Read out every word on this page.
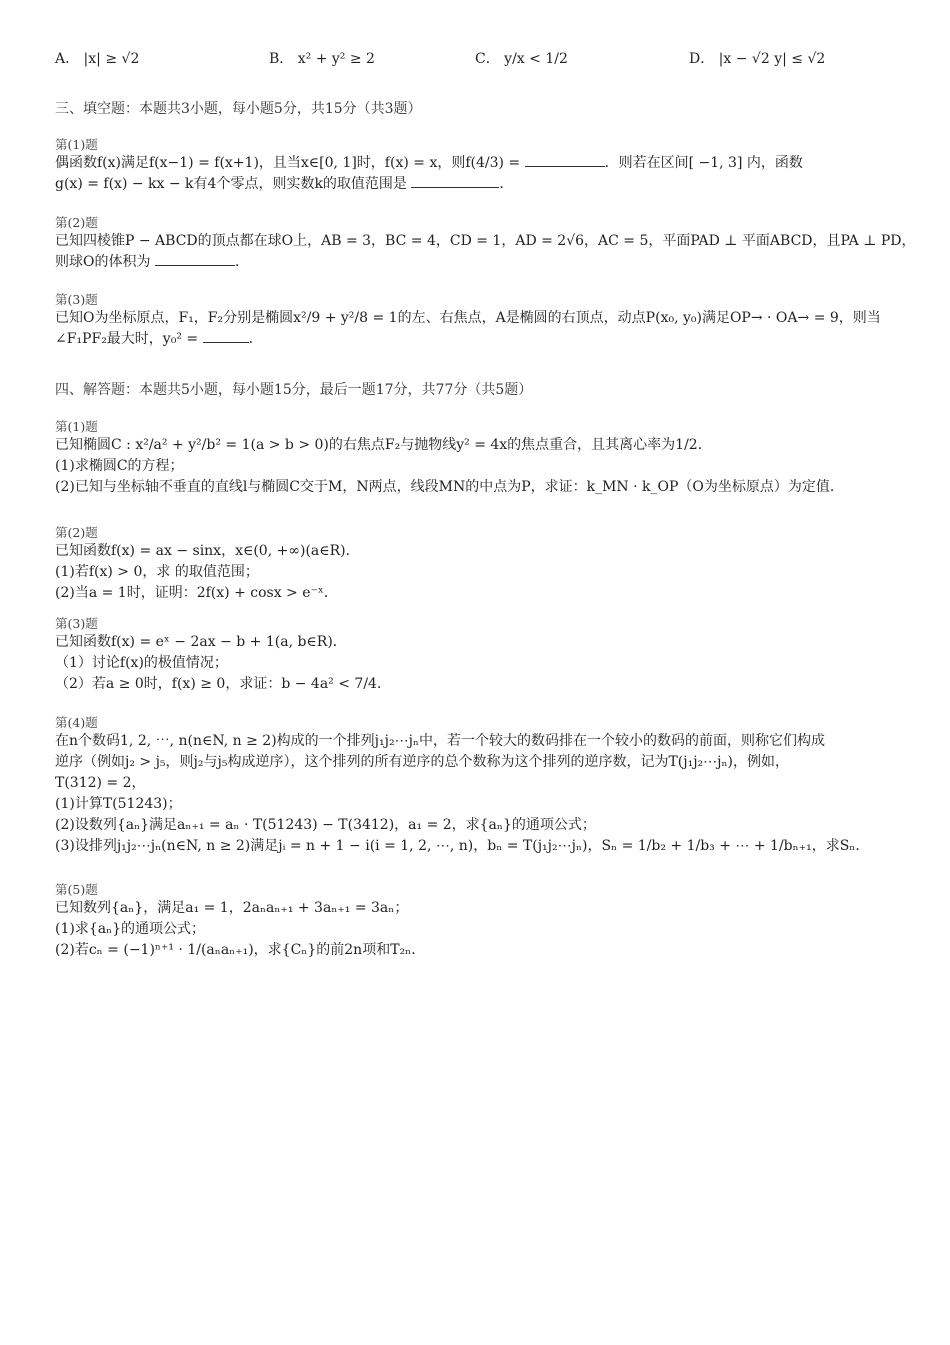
A． |x| ≥ √2	B． x² + y² ≥ 2	C． y/x < 1/2	D． |x − √2 y| ≤ √2
三、填空题：本题共3小题，每小题5分，共15分（共3题）
第(1)题
偶函数f(x)满足f(x−1) = f(x+1)，且当x∈[0, 1]时，f(x) = x，则f(4/3) =	．则若在区间[ −1, 3] 内，函数
g(x) = f(x) − kx − k有4个零点，则实数k的取值范围是	．
第(2)题
已知四棱锥P − ABCD的顶点都在球O上，AB = 3，BC = 4，CD = 1，AD = 2√6，AC = 5，平面PAD ⊥ 平面ABCD，且PA ⊥ PD，
则球O的体积为	．
第(3)题
已知O为坐标原点，F₁，F₂分别是椭圆x²/9 + y²/8 = 1的左、右焦点，A是椭圆的右顶点，动点P(x₀, y₀)满足OP→ · OA→ = 9，则当
∠F₁PF₂最大时，y₀² =	．
四、解答题：本题共5小题，每小题15分，最后一题17分，共77分（共5题）
第(1)题
已知椭圆C : x²/a² + y²/b² = 1(a > b > 0)的右焦点F₂与抛物线y² = 4x的焦点重合，且其离心率为1/2．
(1)求椭圆C的方程；
(2)已知与坐标轴不垂直的直线l与椭圆C交于M，N两点，线段MN的中点为P，求证：k_MN · k_OP（O为坐标原点）为定值．
第(2)题
已知函数f(x) = ax − sinx，x∈(0, +∞)(a∈R)．
(1)若f(x) > 0，求 的取值范围；
(2)当a = 1时，证明：2f(x) + cosx > e⁻ˣ．
第(3)题
已知函数f(x) = eˣ − 2ax − b + 1(a, b∈R)．
（1）讨论f(x)的极值情况；
（2）若a ≥ 0时，f(x) ≥ 0，求证：b − 4a² < 7/4．
第(4)题
在n个数码1, 2, ⋯, n(n∈N, n ≥ 2)构成的一个排列j₁j₂⋯jₙ中，若一个较大的数码排在一个较小的数码的前面，则称它们构成
逆序（例如j₂ > j₅，则j₂与j₅构成逆序），这个排列的所有逆序的总个数称为这个排列的逆序数，记为T(j₁j₂⋯jₙ)，例如，
T(312) = 2，
(1)计算T(51243)；
(2)设数列{aₙ}满足aₙ₊₁ = aₙ · T(51243) − T(3412)，a₁ = 2，求{aₙ}的通项公式；
(3)设排列j₁j₂⋯jₙ(n∈N, n ≥ 2)满足jᵢ = n + 1 − i(i = 1, 2, ⋯, n)，bₙ = T(j₁j₂⋯jₙ)，Sₙ = 1/b₂ + 1/b₃ + ⋯ + 1/bₙ₊₁，求Sₙ．
第(5)题
已知数列{aₙ}，满足a₁ = 1，2aₙaₙ₊₁ + 3aₙ₊₁ = 3aₙ；
(1)求{aₙ}的通项公式；
(2)若cₙ = (−1)ⁿ⁺¹ · 1/(aₙaₙ₊₁)，求{Cₙ}的前2n项和T₂ₙ．
